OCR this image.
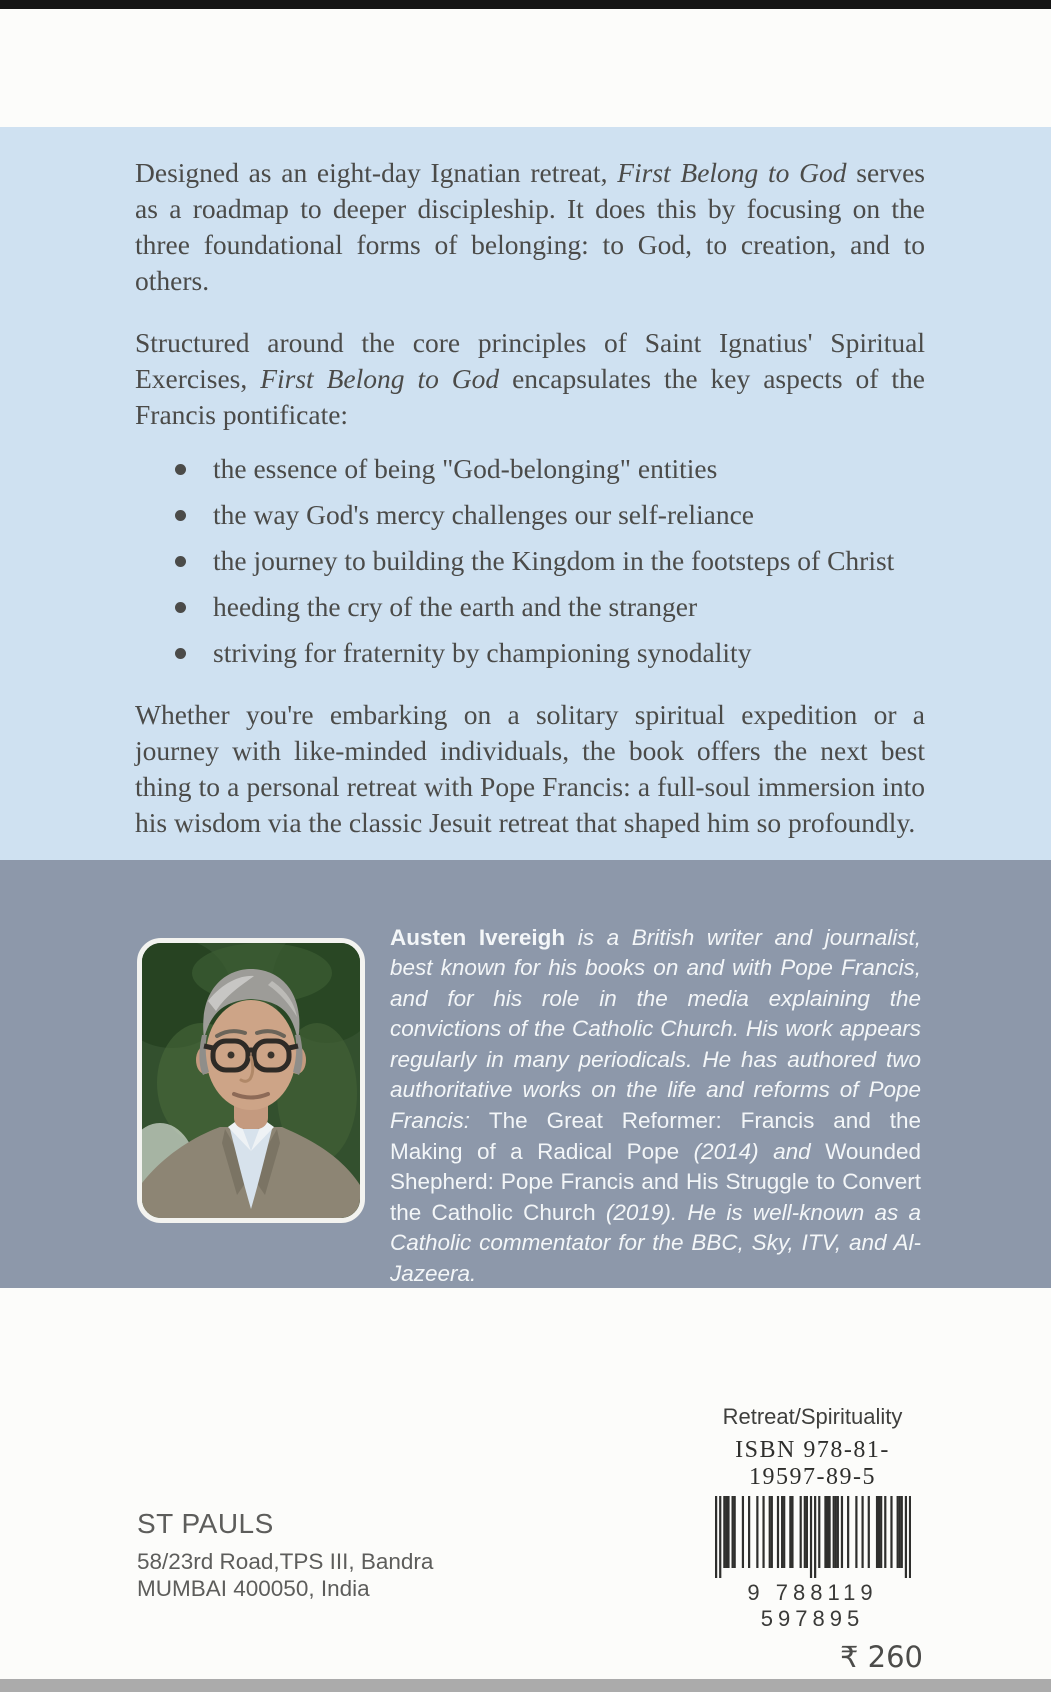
Designed as an eight-day Ignatian retreat, First Belong to God serves as a roadmap to deeper discipleship. It does this by focusing on the three foundational forms of belonging: to God, to creation, and to others.

Structured around the core principles of Saint Ignatius' Spiritual Exercises, First Belong to God encapsulates the key aspects of the Francis pontificate:

the essence of being "God-belonging" entities
the way God's mercy challenges our self-reliance
the journey to building the Kingdom in the footsteps of Christ
heeding the cry of the earth and the stranger
striving for fraternity by championing synodality

Whether you're embarking on a solitary spiritual expedition or a journey with like-minded individuals, the book offers the next best thing to a personal retreat with Pope Francis: a full-soul immersion into his wisdom via the classic Jesuit retreat that shaped him so profoundly.

Austen Ivereigh is a British writer and journalist, best known for his books on and with Pope Francis, and for his role in the media explaining the convictions of the Catholic Church. His work appears regularly in many periodicals. He has authored two authoritative works on the life and reforms of Pope Francis: The Great Reformer: Francis and the Making of a Radical Pope (2014) and Wounded Shepherd: Pope Francis and His Struggle to Convert the Catholic Church (2019). He is well-known as a Catholic commentator for the BBC, Sky, ITV, and Al-Jazeera.

ST PAULS
58/23rd Road,TPS III, Bandra
MUMBAI 400050, India
Retreat/Spirituality
ISBN 978-81-19597-89-5
9 788119 597895
₹ 260
